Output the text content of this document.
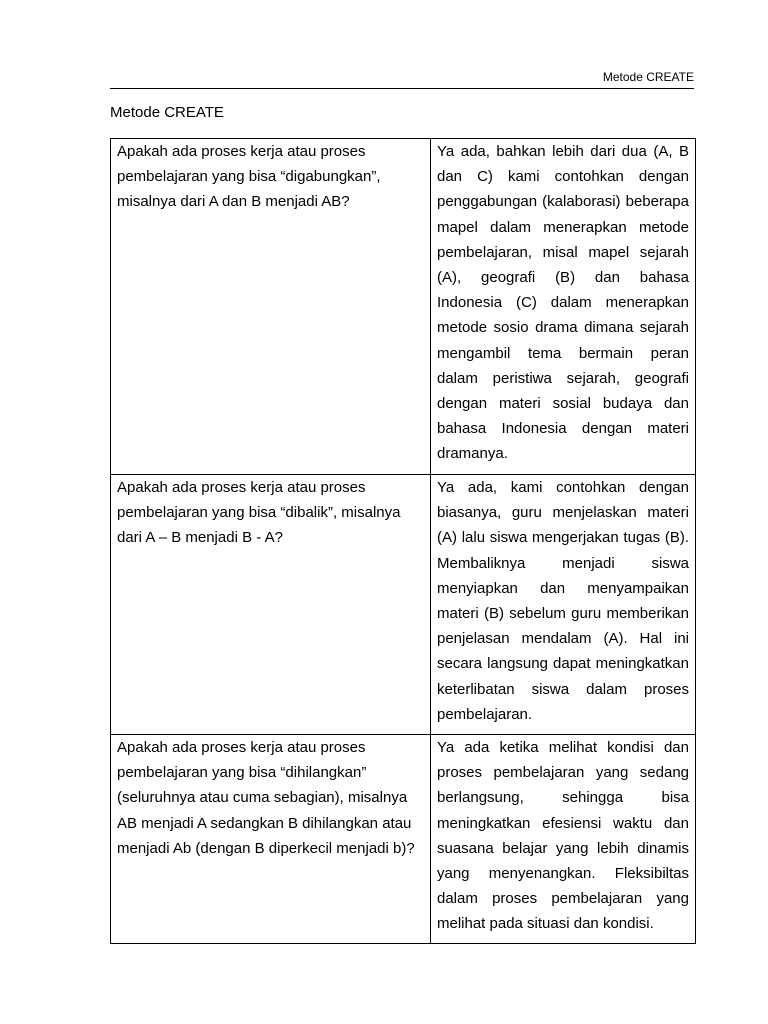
Metode CREATE
Metode CREATE
Apakah ada proses kerja atau proses pembelajaran yang bisa “digabungkan”, misalnya dari A dan B menjadi AB?	Ya ada, bahkan lebih dari dua (A, B dan C) kami contohkan dengan penggabungan (kalaborasi) beberapa mapel dalam menerapkan metode pembelajaran, misal mapel sejarah (A), geografi (B) dan bahasa Indonesia (C) dalam menerapkan metode sosio drama dimana sejarah mengambil tema bermain peran dalam peristiwa sejarah, geografi dengan materi sosial budaya dan bahasa Indonesia dengan materi dramanya.
Apakah ada proses kerja atau proses pembelajaran yang bisa “dibalik”, misalnya dari A – B menjadi B - A?	Ya ada, kami contohkan dengan biasanya, guru menjelaskan materi (A) lalu siswa mengerjakan tugas (B). Membaliknya menjadi siswa menyiapkan dan menyampaikan materi (B) sebelum guru memberikan penjelasan mendalam (A). Hal ini secara langsung dapat meningkatkan keterlibatan siswa dalam proses pembelajaran.
Apakah ada proses kerja atau proses pembelajaran yang bisa “dihilangkan” (seluruhnya atau cuma sebagian), misalnya AB menjadi A sedangkan B dihilangkan atau menjadi Ab (dengan B diperkecil menjadi b)?	Ya ada ketika melihat kondisi dan proses pembelajaran yang sedang berlangsung, sehingga bisa meningkatkan efesiensi waktu dan suasana belajar yang lebih dinamis yang menyenangkan. Fleksibiltas dalam proses pembelajaran yang melihat pada situasi dan kondisi.
